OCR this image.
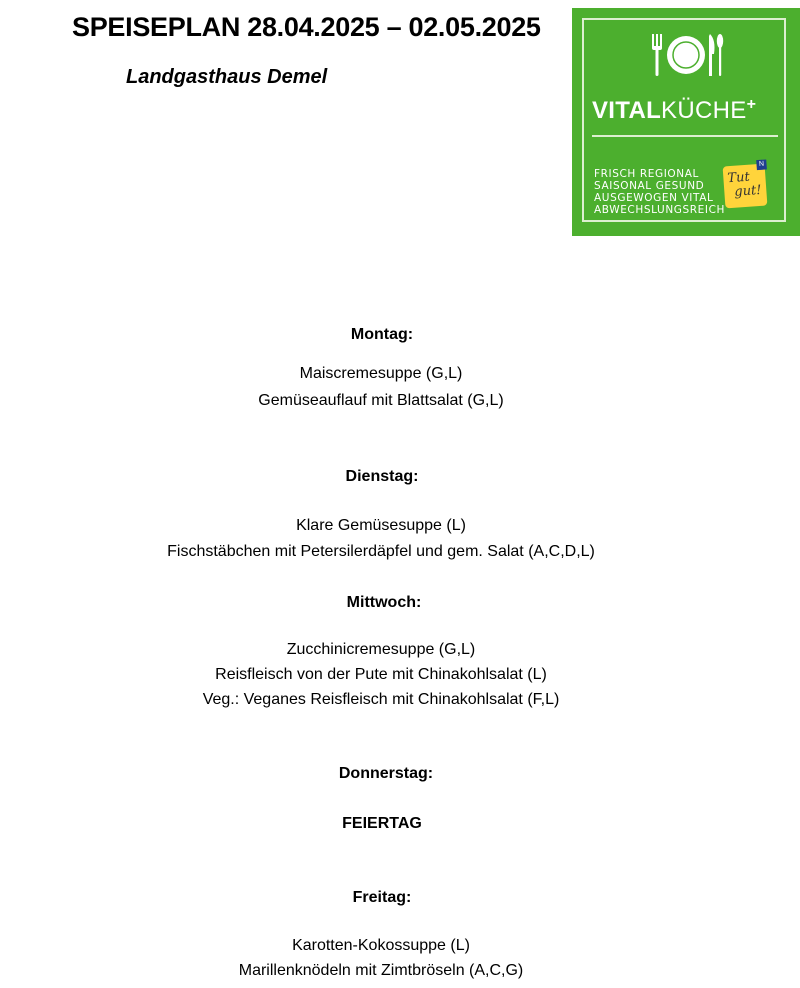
SPEISEPLAN 28.04.2025 – 02.05.2025
Landgasthaus Demel
VITALKÜCHE+
FRISCH REGIONAL
SAISONAL GESUND
AUSGEWOGEN VITAL
ABWECHSLUNGSREICH
N
Tut
gut!
Montag:
Maiscremesuppe (G,L)
Gemüseauflauf mit Blattsalat (G,L)
Dienstag:
Klare Gemüsesuppe (L)
Fischstäbchen mit Petersilerdäpfel und gem. Salat (A,C,D,L)
Mittwoch:
Zucchinicremesuppe (G,L)
Reisfleisch von der Pute mit Chinakohlsalat (L)
Veg.: Veganes Reisfleisch mit Chinakohlsalat (F,L)
Donnerstag:
FEIERTAG
Freitag:
Karotten-Kokossuppe (L)
Marillenknödeln mit Zimtbröseln (A,C,G)
